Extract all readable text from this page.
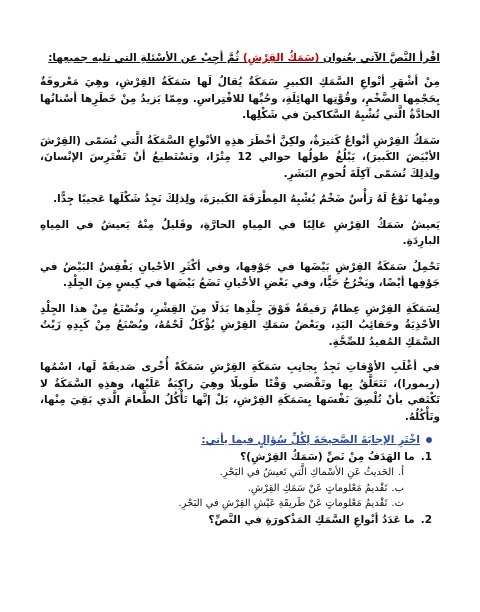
اقْرأ النَّصَّ الآتي بعُنوان (سَمَكُ القِرْشِ) ثُمَّ أجِبْ عن الأسْئلةِ التي تليه جميعِها:

مِنْ أشْهَرِ أنْواعِ السَّمَكِ الكبيرِ سَمَكَةٌ يُقالُ لَها سَمَكَةُ القِرْشِ، وهِيَ مَعْروفَةٌ بِحَجْمِها الضَّخْمِ، وقُوَّتِها الهائِلَةِ، وحُبِّها للافْتِراسِ. ومِمّا يَزيدُ مِنْ خَطَرِها أسْنانُها الحادَّةُ الَّتي تُشْبِهُ السَّكاكينَ في شَكْلِها.

سَمَكُ القِرْشِ أنْواعٌ كَثيرَةٌ، ولكِنَّ أخْطَرَ هذِهِ الأنْواعِ السَّمَكَةُ الَّتي تُسَمّى (القِرْشَ الأبْيَضَ الكَبيرَ)، يَبْلُغُ طولُها حوالي 12 مِتْرًا، وتَسْتَطيعُ أنْ تَفْتَرِسَ الإنْسانَ، ولِذلِكَ تُسَمّى آكِلَةَ لُحومِ البَشَرِ.

ومِنْها نَوْعٌ لَهُ رَأْسٌ ضَخْمٌ يُشْبِهُ المِطْرَقَةَ الكَبيرَةَ، ولِذلِكَ نَجِدُ شَكْلَها عَجيبًا جِدًّا.

يَعيشُ سَمَكُ القِرْشِ غالِبًا في المِياهِ الحارَّةِ، وقَليلٌ مِنْهُ يَعيشُ في المِياهِ البارِدَةِ.

تَحْمِلُ سَمَكَةُ القِرْشِ بَيْضَها في جَوْفِها، وفي أكْثَرِ الأحْيانِ يَفْقِسُ البَيْضُ في جَوْفِها أيْضًا، ويَخْرُجُ حَيًّا، وفي بَعْضِ الأحْيانِ تَضَعُ بَيْضَها في كِيسٍ مِنَ الجِلْدِ.

لِسَمَكَةِ القِرْشِ عِظامٌ رَقيقَةٌ فَوْقَ جِلْدِها بَدَلًا مِنَ القِشْرِ، وتُصْنَعُ مِنْ هذا الجِلْدِ الأحْذِيَةُ وحَقائِبُ اليَدِ، وبَعْضُ سَمَكِ القِرْشِ يُؤْكَلُ لَحْمُهُ، ويُصْنَعُ مِنْ كَبِدِهِ زَيْتُ السَّمَكِ المُفيدُ للصِّحَّةِ.

في أغْلَبِ الأوْقاتِ نَجِدُ بِجانِبِ سَمَكَةِ القِرْشِ سَمَكَةً أُخْرى صَديقَةً لَها، اسْمُها (ريمورا)، تَتَعَلَّقُ بِها وتَقْضي وَقْتًا طَويلًا وهِيَ راكِبَةٌ عَلَيْها، وهذِهِ السَّمَكَةُ لا تَكْتَفي بأنْ تُلْصِقَ نَفْسَها بِسَمَكَةِ القِرْشِ، بَلْ إنَّها تَأْكُلُ الطَّعامَ الَّذي بَقِيَ مِنْها، وتَأْكُلُهُ.

اخْتَرِ الإجابَةَ الصَّحيحَةَ لِكُلِّ سُؤالٍ فيما يأتي:
1.
ما الهَدَفُ مِنْ نَصِّ (سَمَكُ القِرْشِ)؟
أ.
الحَديثُ عَنِ الأسْماكِ الَّتي تَعيشُ في البَحْرِ.
ب.
تَقْديمُ مَعْلوماتٍ عَنْ سَمَكِ القِرْشِ.
ت.
تَقْديمُ مَعْلوماتٍ عَنْ طَريقَةِ عَيْشِ القِرْشِ في البَحْرِ.
2.
ما عَدَدُ أنْواعِ السَّمَكِ المَذْكورَةِ في النَّصِّ؟
